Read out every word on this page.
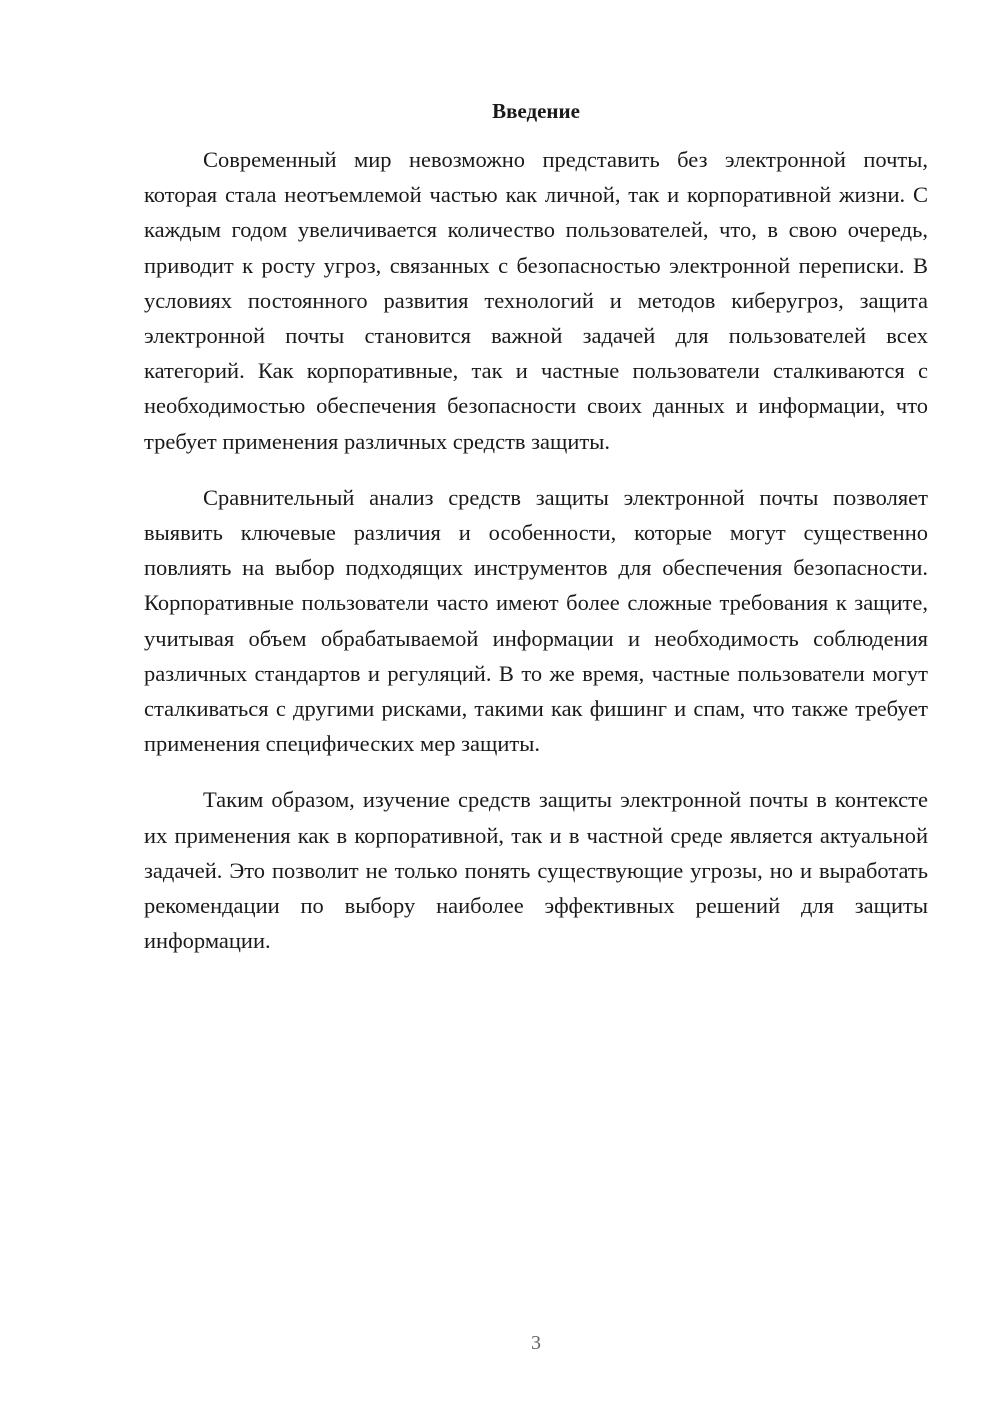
Введение

Современный мир невозможно представить без электронной почты, которая стала неотъемлемой частью как личной, так и корпоративной жизни. С каждым годом увеличивается количество пользователей, что, в свою очередь, приводит к росту угроз, связанных с безопасностью электронной переписки. В условиях постоянного развития технологий и методов киберугроз, защита электронной почты становится важной задачей для пользователей всех категорий. Как корпоративные, так и частные пользователи сталкиваются с необходимостью обеспечения безопасности своих данных и информации, что требует применения различных средств защиты.

Сравнительный анализ средств защиты электронной почты позволяет выявить ключевые различия и особенности, которые могут существенно повлиять на выбор подходящих инструментов для обеспечения безопасности. Корпоративные пользователи часто имеют более сложные требования к защите, учитывая объем обрабатываемой информации и необходимость соблюдения различных стандартов и регуляций. В то же время, частные пользователи могут сталкиваться с другими рисками, такими как фишинг и спам, что также требует применения специфических мер защиты.

Таким образом, изучение средств защиты электронной почты в контексте их применения как в корпоративной, так и в частной среде является актуальной задачей. Это позволит не только понять существующие угрозы, но и выработать рекомендации по выбору наиболее эффективных решений для защиты информации.

3
